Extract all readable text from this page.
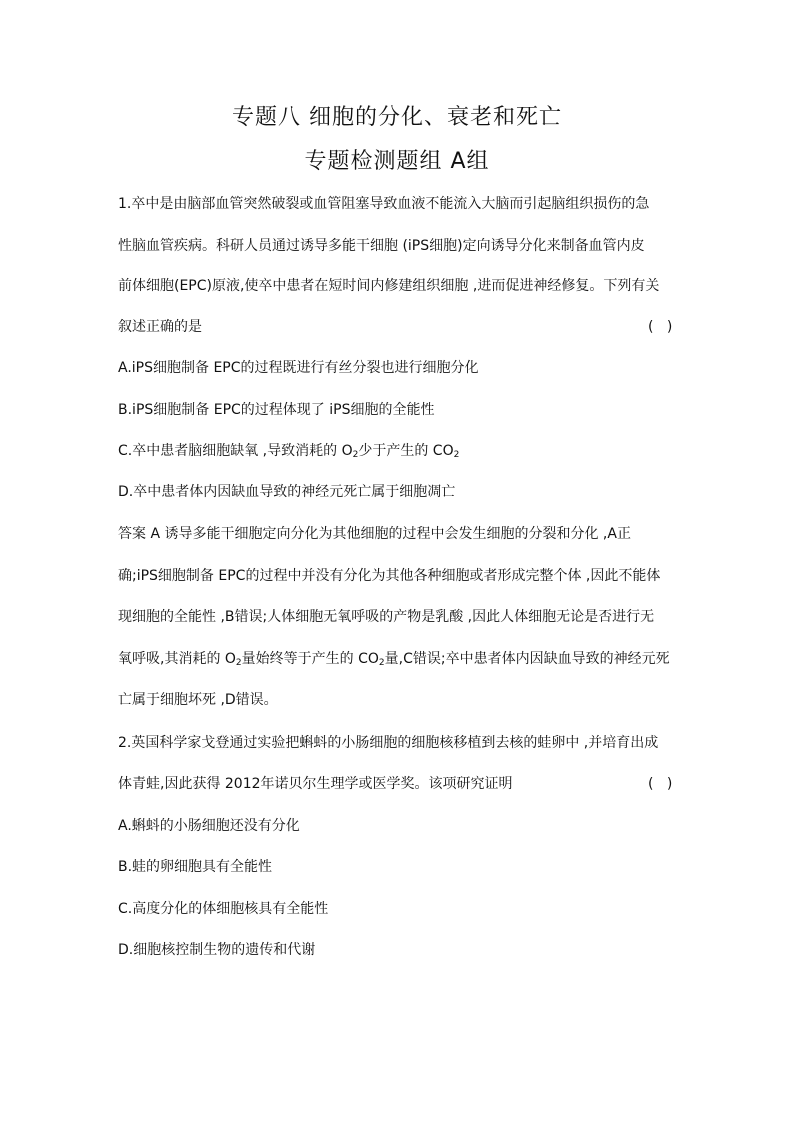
专题八 细胞的分化、衰老和死亡
专题检测题组 A组
1.卒中是由脑部血管突然破裂或血管阻塞导致血液不能流入大脑而引起脑组织损伤的急
性脑血管疾病。科研人员通过诱导多能干细胞 (iPS细胞)定向诱导分化来制备血管内皮
前体细胞(EPC)原液,使卒中患者在短时间内修建组织细胞 ,进而促进神经修复。下列有关
叙述正确的是	(   )
A.iPS细胞制备 EPC的过程既进行有丝分裂也进行细胞分化
B.iPS细胞制备 EPC的过程体现了 iPS细胞的全能性
C.卒中患者脑细胞缺氧 ,导致消耗的 $O_2$少于产生的 $CO_2$
D.卒中患者体内因缺血导致的神经元死亡属于细胞凋亡
答案 A 诱导多能干细胞定向分化为其他细胞的过程中会发生细胞的分裂和分化 ,A正
确;iPS细胞制备 EPC的过程中并没有分化为其他各种细胞或者形成完整个体 ,因此不能体
现细胞的全能性 ,B错误;人体细胞无氧呼吸的产物是乳酸 ,因此人体细胞无论是否进行无
氧呼吸,其消耗的 $O_2$量始终等于产生的 $CO_2$量,C错误;卒中患者体内因缺血导致的神经元死
亡属于细胞坏死 ,D错误。
2.英国科学家戈登通过实验把蝌蚪的小肠细胞的细胞核移植到去核的蛙卵中 ,并培育出成
体青蛙,因此获得 2012年诺贝尔生理学或医学奖。该项研究证明	(   )
A.蝌蚪的小肠细胞还没有分化
B.蛙的卵细胞具有全能性
C.高度分化的体细胞核具有全能性
D.细胞核控制生物的遗传和代谢
